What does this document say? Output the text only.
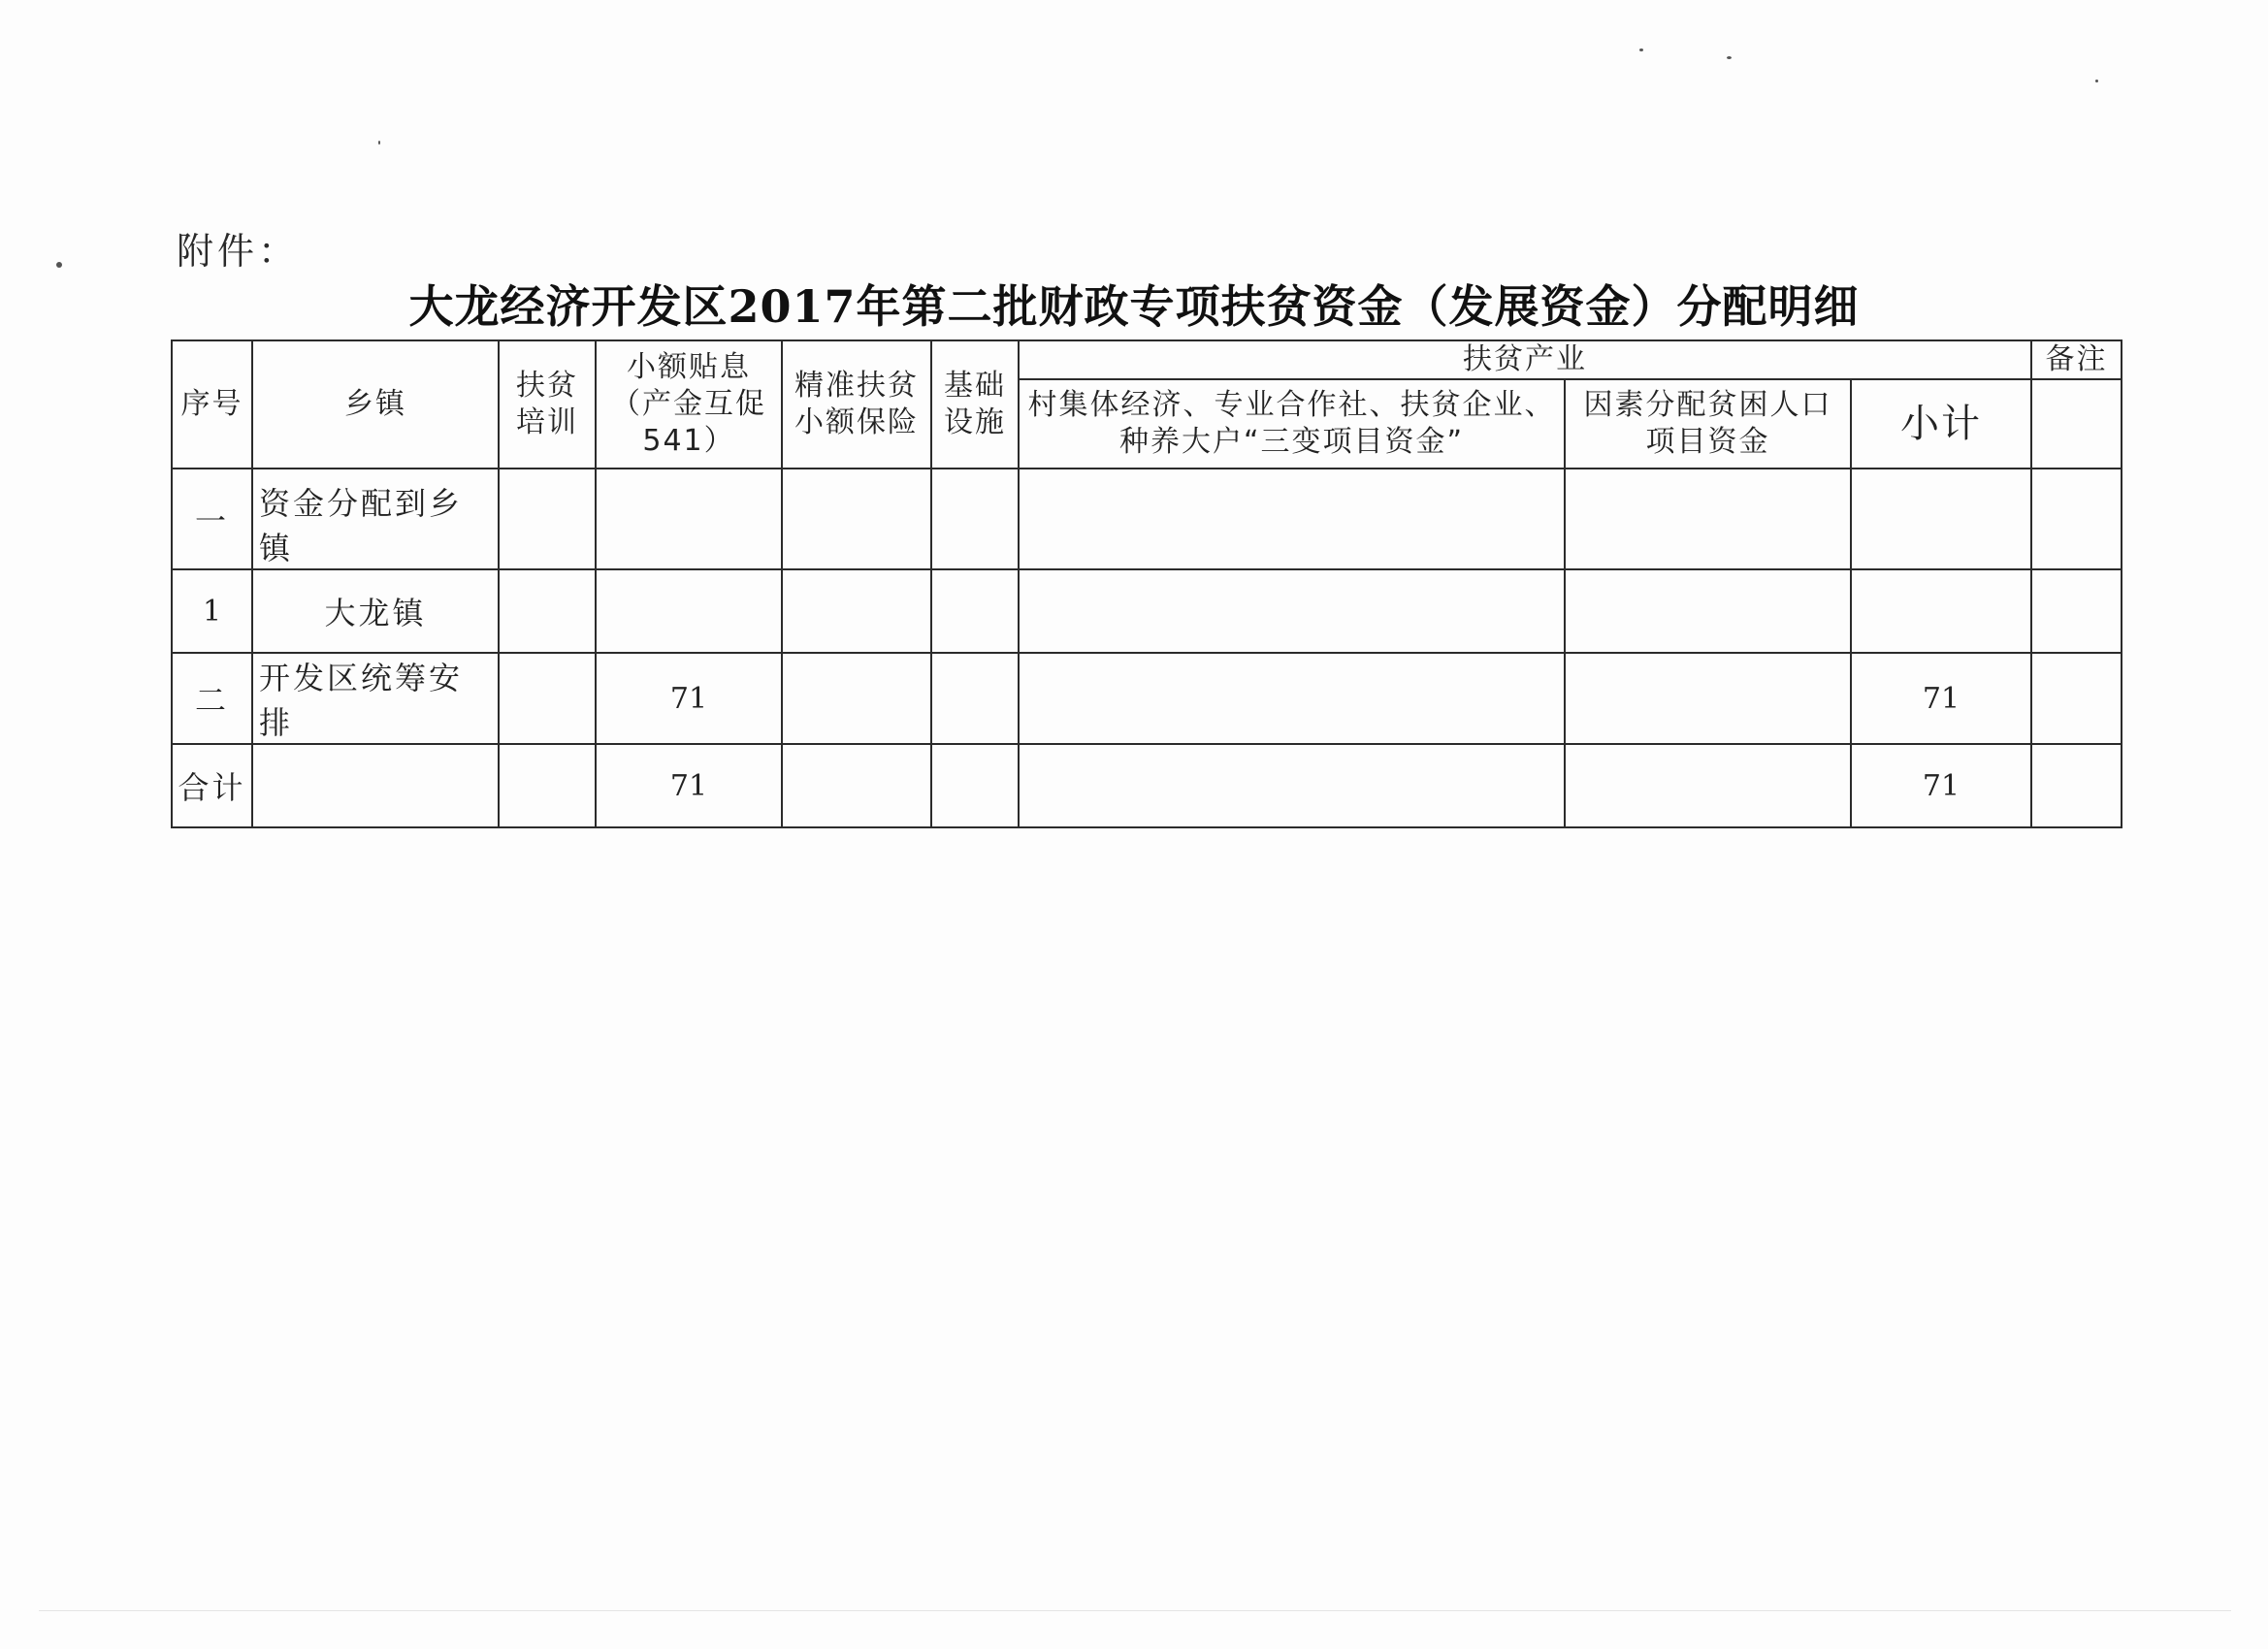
附件：
大龙经济开发区2017年第二批财政专项扶贫资金（发展资金）分配明细
序号	乡镇	扶贫培训	小额贴息（产金互促541）	精准扶贫小额保险	基础设施	扶贫产业			备注
						村集体经济、专业合作社、扶贫企业、种养大户“三变项目资金”	因素分配贫困人口项目资金	小计	
一	资金分配到乡镇								
1	大龙镇								
二	开发区统筹安排		71					71	
合计			71					71	
